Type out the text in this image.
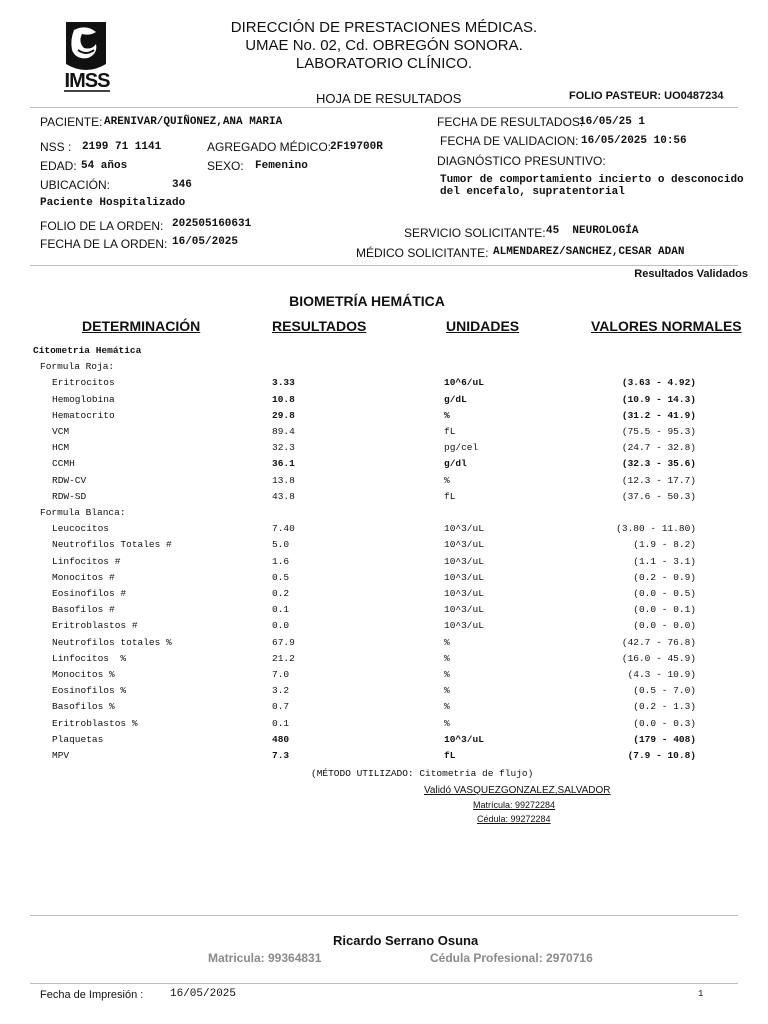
IMSS
DIRECCIÓN DE PRESTACIONES MÉDICAS.
UMAE No. 02, Cd. OBREGÓN SONORA.
LABORATORIO CLÍNICO.
HOJA DE RESULTADOS	FOLIO PASTEUR: UO0487234
PACIENTE: ARENIVAR/QUIÑONEZ,ANA MARIA
NSS : 2199 71 1141	AGREGADO MÉDICO:
2F19700R
EDAD: 54 años	SEXO: Femenino
UBICACIÓN:	346
Paciente Hospitalizado
FOLIO DE LA ORDEN: 202505160631
FECHA DE LA ORDEN: 16/05/2025
FECHA DE RESULTADOS:
16/05/25 1
FECHA DE VALIDACION: 16/05/2025 10:56
DIAGNÓSTICO PRESUNTIVO:
Tumor de comportamiento incierto o desconocido
del encefalo, supratentorial
SERVICIO SOLICITANTE: 45  NEUROLOGÍA
MÉDICO SOLICITANTE: ALMENDAREZ/SANCHEZ,CESAR ADAN
Resultados Validados
BIOMETRÍA HEMÁTICA
DETERMINACIÓN	RESULTADOS	UNIDADES	VALORES NORMALES
Citometria Hemática
Formula Roja:
Eritrocitos	3.33	10^6/uL	(3.63 - 4.92)
Hemoglobina	10.8	g/dL	(10.9 - 14.3)
Hematocrito	29.8	%	(31.2 - 41.9)
VCM	89.4	fL	(75.5 - 95.3)
HCM	32.3	pg/cel	(24.7 - 32.8)
CCMH	36.1	g/dl	(32.3 - 35.6)
RDW-CV	13.8	%	(12.3 - 17.7)
RDW-SD	43.8	fL	(37.6 - 50.3)
Formula Blanca:
Leucocitos	7.40	10^3/uL	(3.80 - 11.80)
Neutrofilos Totales #	5.0	10^3/uL	(1.9 - 8.2)
Linfocitos #	1.6	10^3/uL	(1.1 - 3.1)
Monocitos #	0.5	10^3/uL	(0.2 - 0.9)
Eosinofilos #	0.2	10^3/uL	(0.0 - 0.5)
Basofilos #	0.1	10^3/uL	(0.0 - 0.1)
Eritroblastos #	0.0	10^3/uL	(0.0 - 0.0)
Neutrofilos totales %	67.9	%	(42.7 - 76.8)
Linfocitos  %	21.2	%	(16.0 - 45.9)
Monocitos %	7.0	%	(4.3 - 10.9)
Eosinofilos %	3.2	%	(0.5 - 7.0)
Basofilos %	0.7	%	(0.2 - 1.3)
Eritroblastos %	0.1	%	(0.0 - 0.3)
Plaquetas	480	10^3/uL	(179 - 408)
MPV	7.3	fL	(7.9 - 10.8)
(MÉTODO UTILIZADO: Citometria de flujo)
Validó VASQUEZGONZALEZ,SALVADOR
Matrícula: 99272284
Cédula: 99272284
Ricardo Serrano Osuna
Matricula: 99364831	Cédula Profesional: 2970716
Fecha de Impresión : 16/05/2025	1
